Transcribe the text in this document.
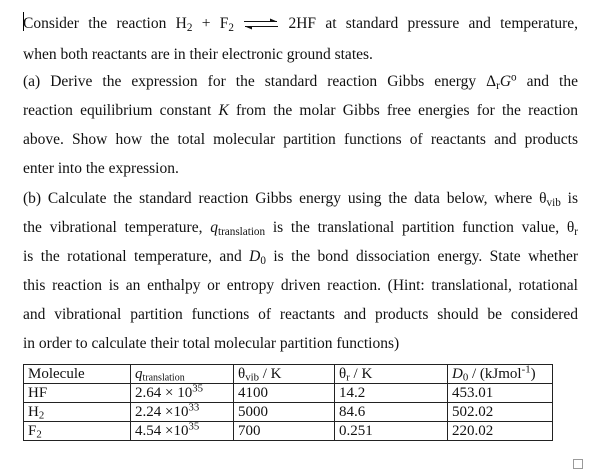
Consider the reaction $H_2 + F_2$ ⇌ 2HF at standard pressure and temperature,
when both reactants are in their electronic ground states.
(a) Derive the expression for the standard reaction Gibbs energy $\Delta_rG^o$ and the
reaction equilibrium constant K from the molar Gibbs free energies for the reaction
above. Show how the total molecular partition functions of reactants and products
enter into the expression.
(b) Calculate the standard reaction Gibbs energy using the data below, where $\theta_{vib}$ is
the vibrational temperature, $q_{translation}$ is the translational partition function value, $\theta_r$
is the rotational temperature, and $D_0$ is the bond dissociation energy. State whether
this reaction is an enthalpy or entropy driven reaction. (Hint: translational, rotational
and vibrational partition functions of reactants and products should be considered
in order to calculate their total molecular partition functions)
Molecule	$q_{translation}$	$\theta_{vib}$ / K	$\theta_r$ / K	$D_0$ / (kJmol$^{-1}$)
HF	$2.64 \times 10^{35}$	4100	14.2	453.01
$H_2$	$2.24 \times 10^{33}$	5000	84.6	502.02
$F_2$	$4.54 \times 10^{35}$	700	0.251	220.02
